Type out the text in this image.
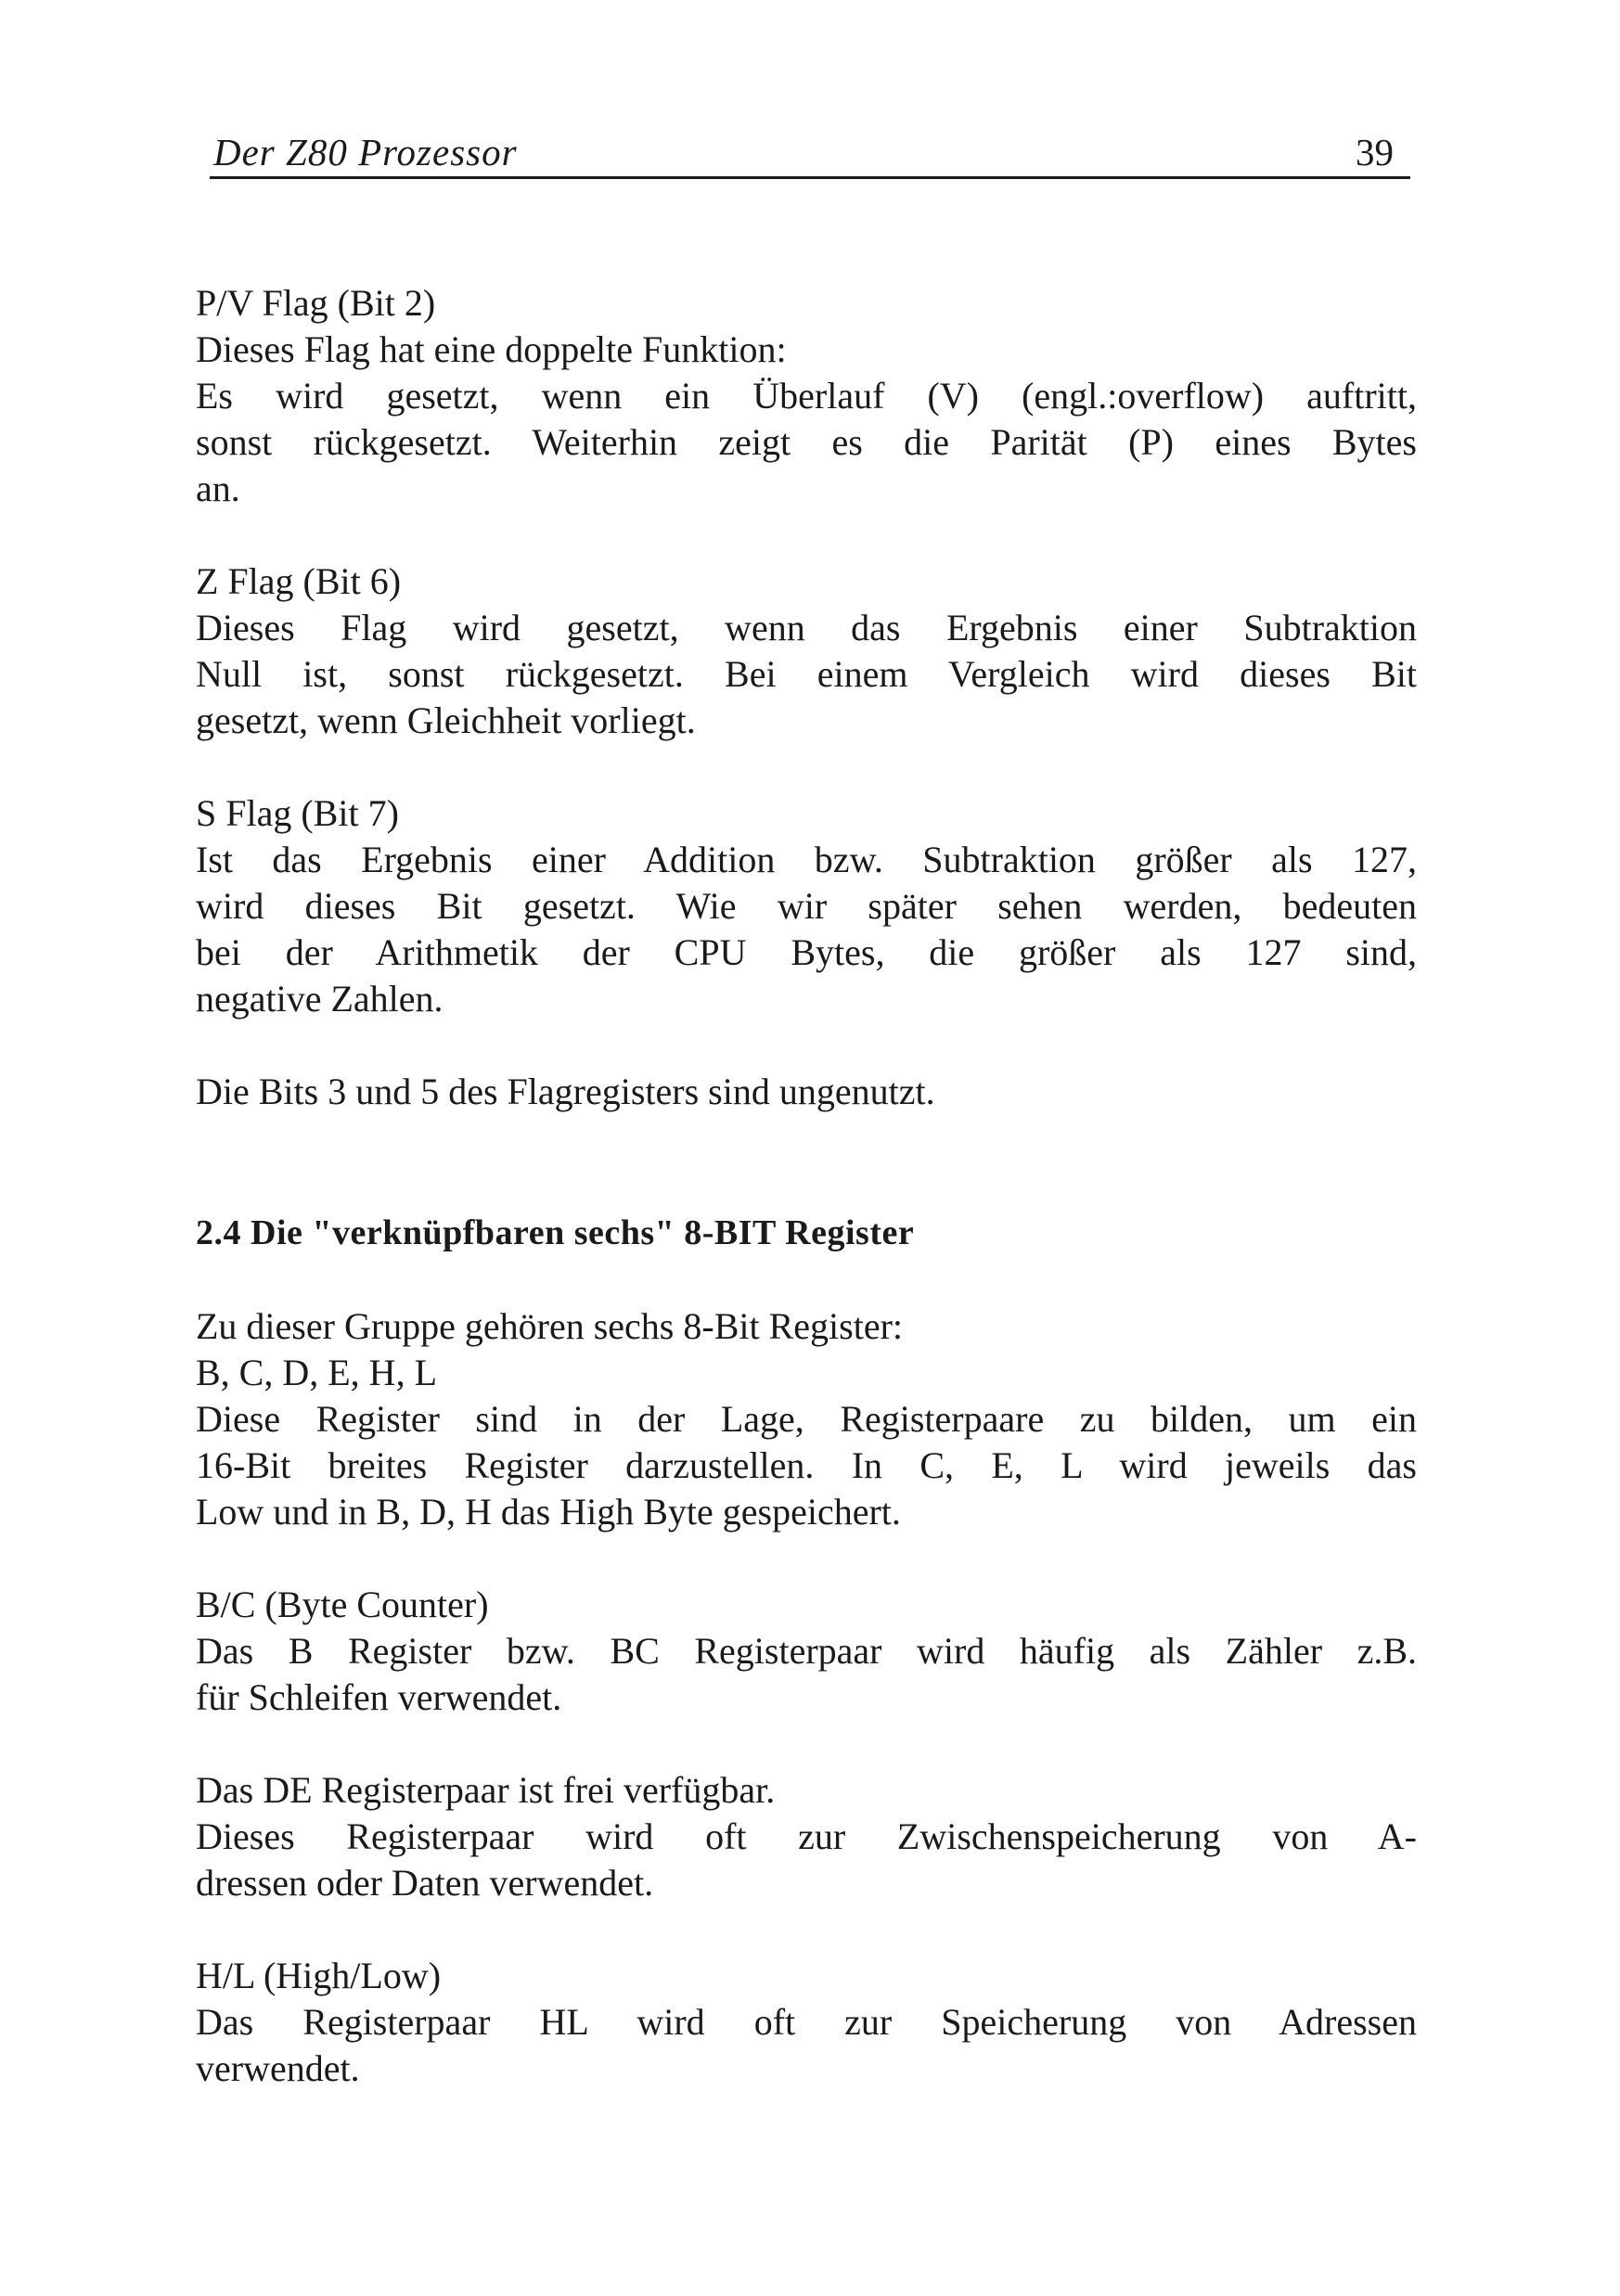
Der Z80 Prozessor	39
P/V Flag (Bit 2)
Dieses Flag hat eine doppelte Funktion:
Es wird gesetzt, wenn ein Überlauf (V) (engl.:overflow) auftritt,
sonst rückgesetzt. Weiterhin zeigt es die Parität (P) eines Bytes
an.
Z Flag (Bit 6)
Dieses Flag wird gesetzt, wenn das Ergebnis einer Subtraktion
Null ist, sonst rückgesetzt. Bei einem Vergleich wird dieses Bit
gesetzt, wenn Gleichheit vorliegt.
S Flag (Bit 7)
Ist das Ergebnis einer Addition bzw. Subtraktion größer als 127,
wird dieses Bit gesetzt. Wie wir später sehen werden, bedeuten
bei der Arithmetik der CPU Bytes, die größer als 127 sind,
negative Zahlen.
Die Bits 3 und 5 des Flagregisters sind ungenutzt.
2.4 Die "verknüpfbaren sechs" 8-BIT Register
Zu dieser Gruppe gehören sechs 8-Bit Register:
B, C, D, E, H, L
Diese Register sind in der Lage, Registerpaare zu bilden, um ein
16-Bit breites Register darzustellen. In C, E, L wird jeweils das
Low und in B, D, H das High Byte gespeichert.
B/C (Byte Counter)
Das B Register bzw. BC Registerpaar wird häufig als Zähler z.B.
für Schleifen verwendet.
Das DE Registerpaar ist frei verfügbar.
Dieses Registerpaar wird oft zur Zwischenspeicherung von A-
dressen oder Daten verwendet.
H/L (High/Low)
Das Registerpaar HL wird oft zur Speicherung von Adressen
verwendet.
